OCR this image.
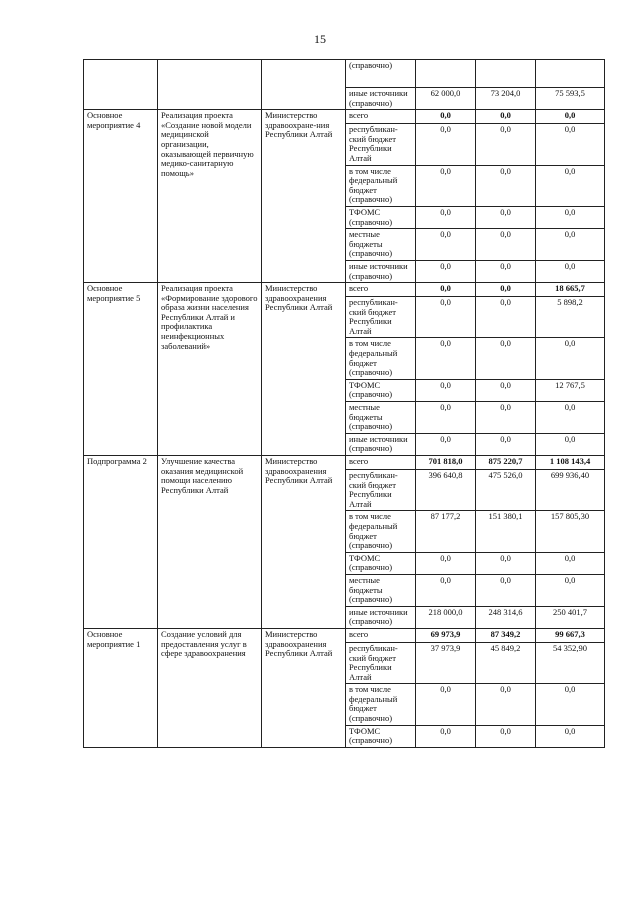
15
			(справочно)			
			иные источники (справочно)	62 000,0	73 204,0	75 593,5
Основное мероприятие 4	Реализация проекта «Создание новой модели медицинской организации, оказывающей первичную медико-санитарную помощь»	Министерство здравоохране-ния Республики Алтай	всего	0,0	0,0	0,0
			республикан-ский бюджет Республики Алтай	0,0	0,0	0,0
			в том числе федеральный бюджет (справочно)	0,0	0,0	0,0
			ТФОМС (справочно)	0,0	0,0	0,0
			местные бюджеты (справочно)	0,0	0,0	0,0
			иные источники (справочно)	0,0	0,0	0,0
Основное мероприятие 5	Реализация проекта «Формирование здорового образа жизни населения Республики Алтай и профилактика неинфекционных заболеваний»	Министерство здравоохранения Республики Алтай	всего	0,0	0,0	18 665,7
			республикан-ский бюджет Республики Алтай	0,0	0,0	5 898,2
			в том числе федеральный бюджет (справочно)	0,0	0,0	0,0
			ТФОМС (справочно)	0,0	0,0	12 767,5
			местные бюджеты (справочно)	0,0	0,0	0,0
			иные источники (справочно)	0,0	0,0	0,0
Подпрограмма 2	Улучшение качества оказания медицинской помощи населению Республики Алтай	Министерство здравоохранения Республики Алтай	всего	701 818,0	875 220,7	1 108 143,4
			республикан-ский бюджет Республики Алтай	396 640,8	475 526,0	699 936,40
			в том числе федеральный бюджет (справочно)	87 177,2	151 380,1	157 805,30
			ТФОМС (справочно)	0,0	0,0	0,0
			местные бюджеты (справочно)	0,0	0,0	0,0
			иные источники (справочно)	218 000,0	248 314,6	250 401,7
Основное мероприятие 1	Создание условий для предоставления услуг в сфере здравоохранения	Министерство здравоохранения Республики Алтай	всего	69 973,9	87 349,2	99 667,3
			республикан-ский бюджет Республики Алтай	37 973,9	45 849,2	54 352,90
			в том числе федеральный бюджет (справочно)	0,0	0,0	0,0
			ТФОМС (справочно)	0,0	0,0	0,0
